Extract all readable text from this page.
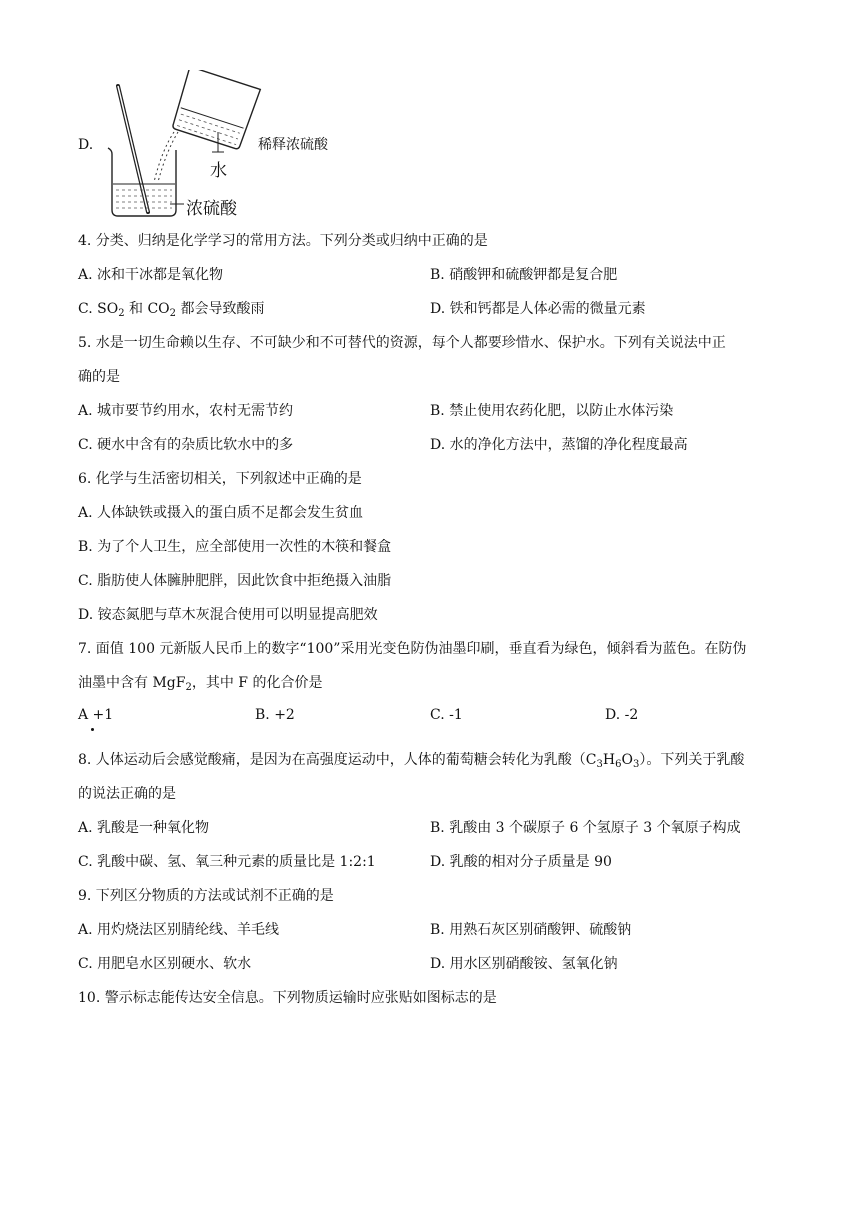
D.
水
浓硫酸
稀释浓硫酸
4. 分类、归纳是化学学习的常用方法。下列分类或归纳中正确的是
A. 冰和干冰都是氧化物	B. 硝酸钾和硫酸钾都是复合肥
C. $SO_2$ 和 $CO_2$ 都会导致酸雨	D. 铁和钙都是人体必需的微量元素
5. 水是一切生命赖以生存、不可缺少和不可替代的资源，每个人都要珍惜水、保护水。下列有关说法中正
确的是
A. 城市要节约用水，农村无需节约	B. 禁止使用农药化肥，以防止水体污染
C. 硬水中含有的杂质比软水中的多	D. 水的净化方法中，蒸馏的净化程度最高
6. 化学与生活密切相关，下列叙述中正确的是
A. 人体缺铁或摄入的蛋白质不足都会发生贫血
B. 为了个人卫生，应全部使用一次性的木筷和餐盒
C. 脂肪使人体臃肿肥胖，因此饮食中拒绝摄入油脂
D. 铵态氮肥与草木灰混合使用可以明显提高肥效
7. 面值 100 元新版人民币上的数字“100”采用光变色防伪油墨印刷，垂直看为绿色，倾斜看为蓝色。在防伪
油墨中含有 MgF$_2$，其中 F 的化合价是
A +1	B. +2	C. -1	D. -2
8. 人体运动后会感觉酸痛，是因为在高强度运动中，人体的葡萄糖会转化为乳酸$(C_3H_6O_3)$。下列关于乳酸
的说法正确的是
A. 乳酸是一种氧化物	B. 乳酸由 3 个碳原子 6 个氢原子 3 个氧原子构成
C. 乳酸中碳、氢、氧三种元素的质量比是 1:2:1	D. 乳酸的相对分子质量是 90
9. 下列区分物质的方法或试剂不正确的是
A. 用灼烧法区别腈纶线、羊毛线	B. 用熟石灰区别硝酸钾、硫酸钠
C. 用肥皂水区别硬水、软水	D. 用水区别硝酸铵、氢氧化钠
10. 警示标志能传达安全信息。下列物质运输时应张贴如图标志的是
